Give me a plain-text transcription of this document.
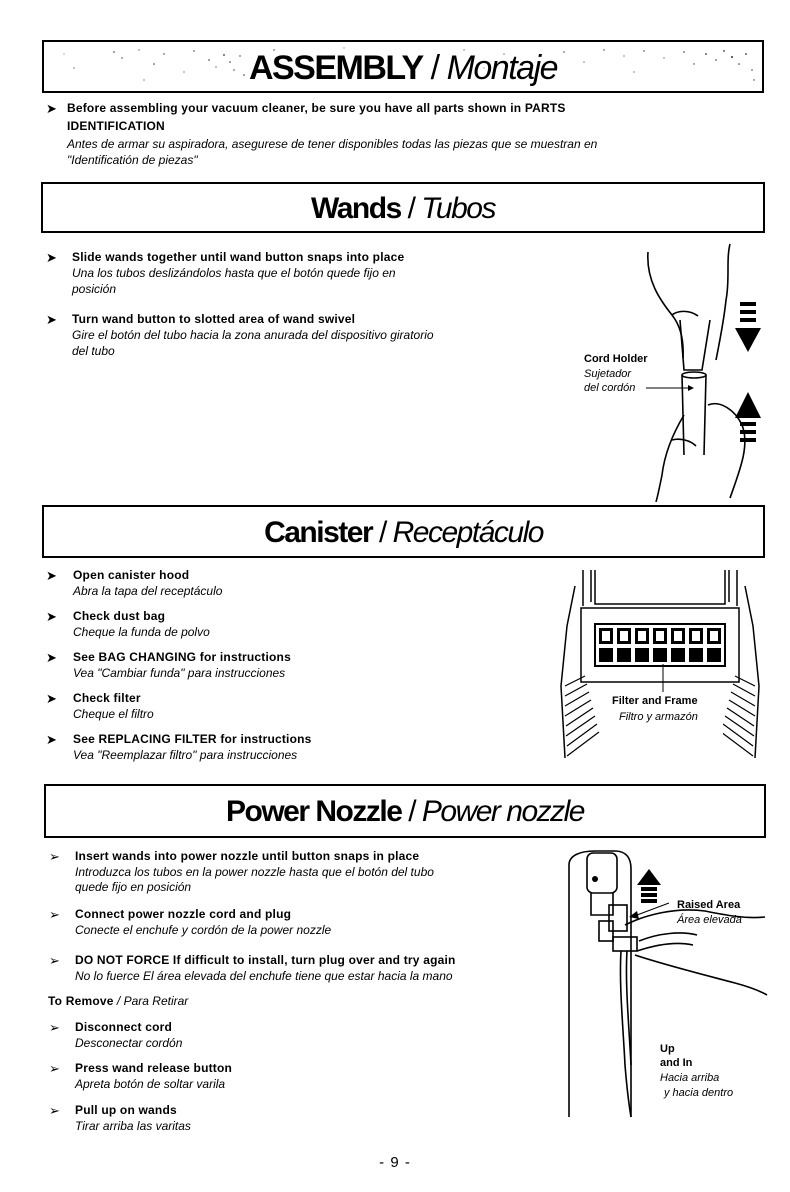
ASSEMBLY / Montaje
➤ Before assembling your vacuum cleaner, be sure you have all parts shown in PARTS
IDENTIFICATION
Antes de armar su aspiradora, asegurese de tener disponibles todas las piezas que se muestran en
"Identificatión de piezas"
Wands / Tubos
➤ Slide wands together until wand button snaps into place
Una los tubos deslizándolos hasta que el botón quede fijo en
posición
➤ Turn wand button to slotted area of wand swivel
Gire el botón del tubo hacia la zona anurada del dispositivo giratorio
del tubo
Cord Holder
Sujetador
del cordón
Canister / Receptáculo
➤ Open canister hood
Abra la tapa del receptáculo
➤ Check dust bag
Cheque la funda de polvo
➤ See BAG CHANGING for instructions
Vea "Cambiar funda" para instrucciones
➤ Check filter
Cheque el filtro
➤ See REPLACING FILTER for instructions
Vea "Reemplazar filtro" para instrucciones
Filter and Frame
Filtro y armazón
Power Nozzle / Power nozzle
➢ Insert wands into power nozzle until button snaps in place
Introduzca los tubos en la power nozzle hasta que el botón del tubo
quede fijo en posición
➢ Connect power nozzle cord and plug
Conecte el enchufe y cordón de la power nozzle
➢ DO NOT FORCE If difficult to install, turn plug over and try again
No lo fuerce El área elevada del enchufe tiene que estar hacia la mano
To Remove / Para Retirar
➢ Disconnect cord
Desconectar cordón
➢ Press wand release button
Apreta botón de soltar varila
➢ Pull up on wands
Tirar arriba las varitas
Raised Area
Área elevada
Up
and In
Hacia arriba
y hacia dentro
- 9 -
